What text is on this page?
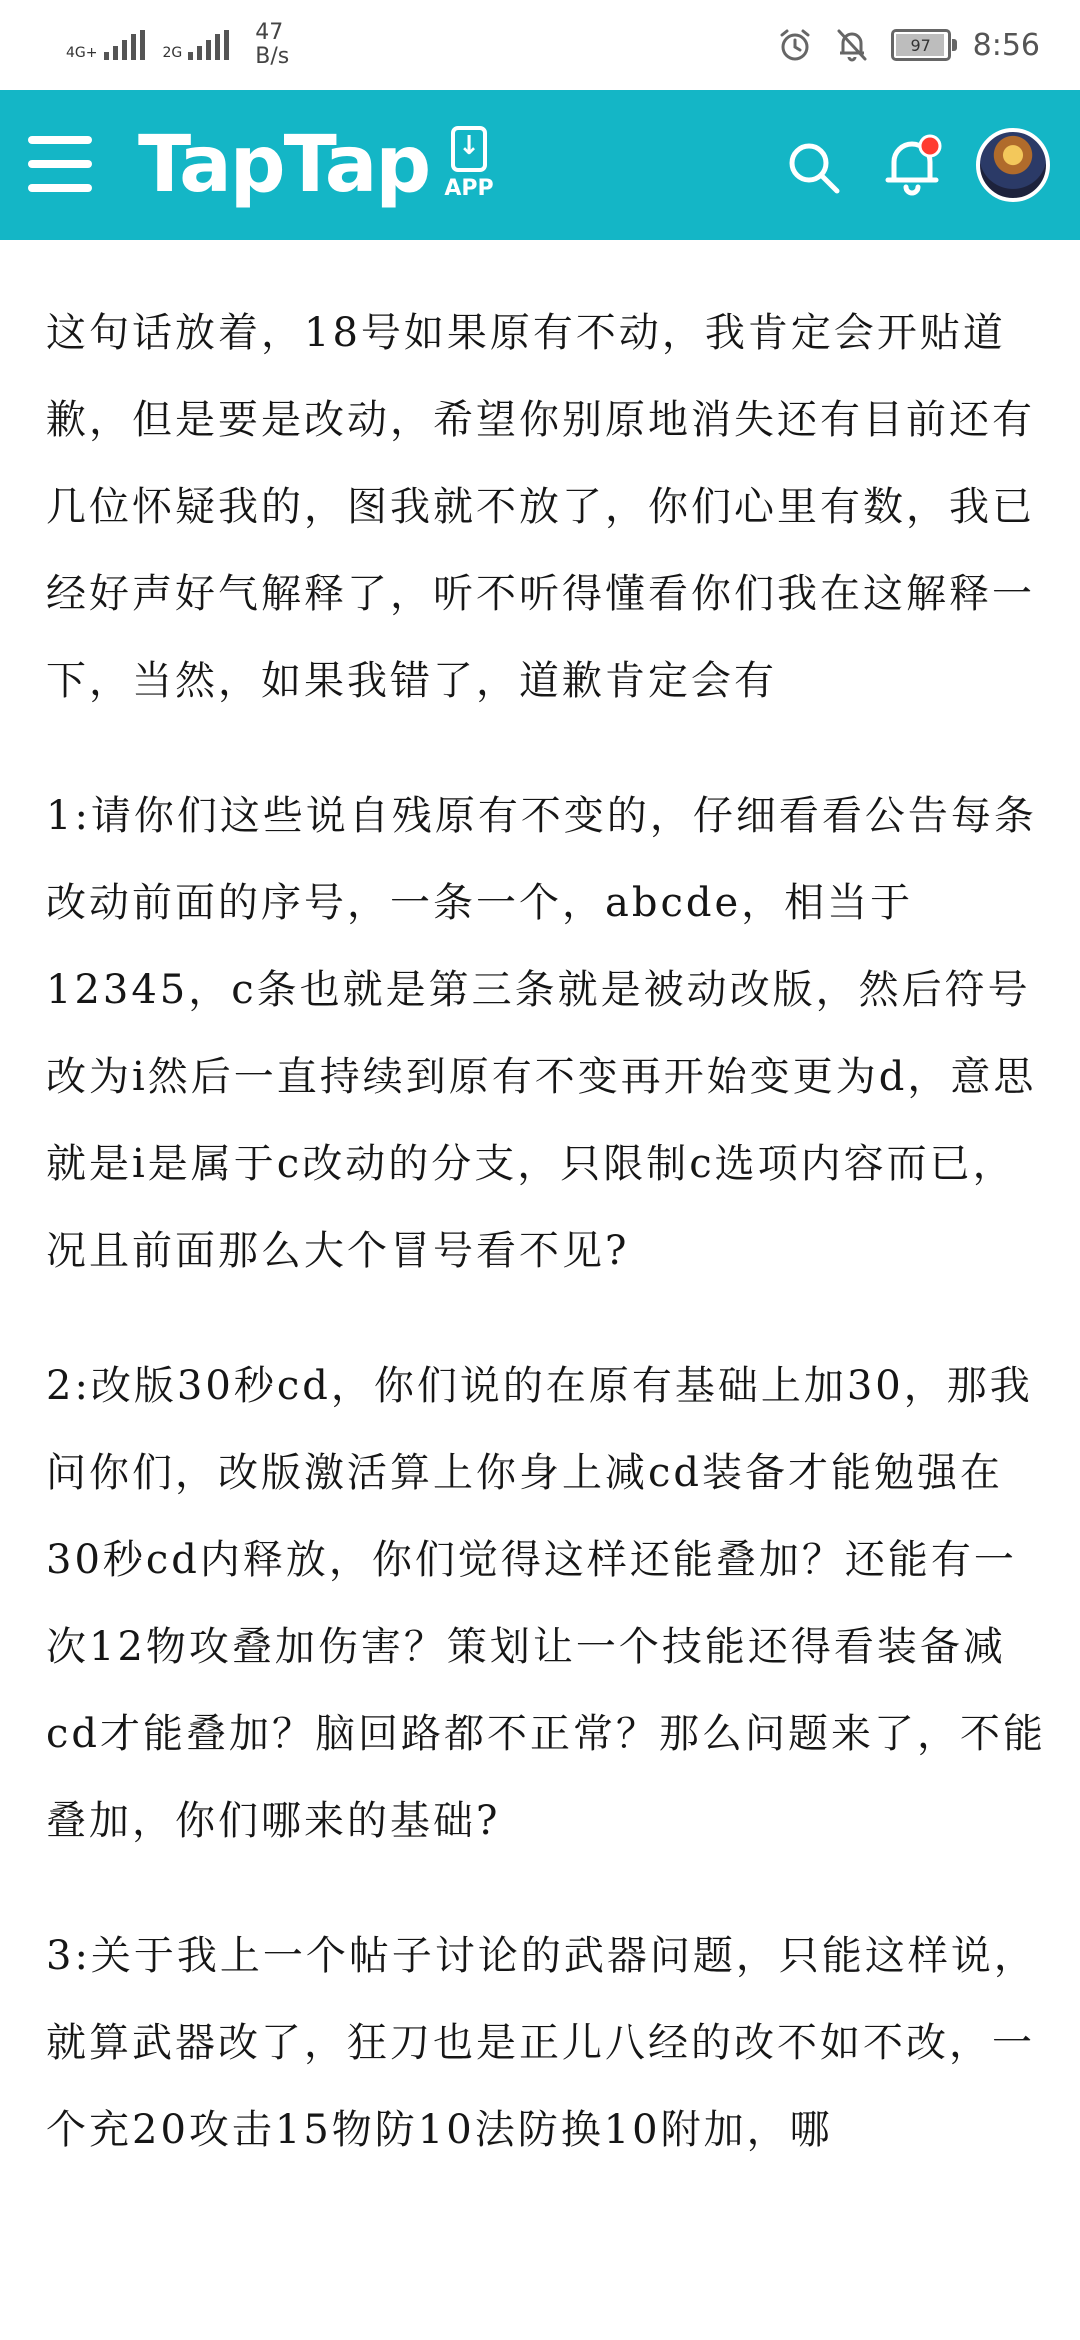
4G+	2G
47
B/s	97 8:56
TapTap
↓ APP

这句话放着，18号如果原有不动，我肯定会开贴道歉，但是要是改动，希望你别原地消失还有目前还有几位怀疑我的，图我就不放了，你们心里有数，我已经好声好气解释了，听不听得懂看你们我在这解释一下，当然，如果我错了，道歉肯定会有

1:请你们这些说自残原有不变的，仔细看看公告每条改动前面的序号，一条一个，abcde，相当于12345，c条也就是第三条就是被动改版，然后符号改为i然后一直持续到原有不变再开始变更为d，意思就是i是属于c改动的分支，只限制c选项内容而已，况且前面那么大个冒号看不见?

2:改版30秒cd，你们说的在原有基础上加30，那我问你们，改版激活算上你身上减cd装备才能勉强在30秒cd内释放，你们觉得这样还能叠加？还能有一次12物攻叠加伤害？策划让一个技能还得看装备减cd才能叠加？脑回路都不正常？那么问题来了，不能叠加，你们哪来的基础?

3:关于我上一个帖子讨论的武器问题，只能这样说，就算武器改了，狂刀也是正儿八经的改不如不改，一个充20攻击15物防10法防换10附加，哪
